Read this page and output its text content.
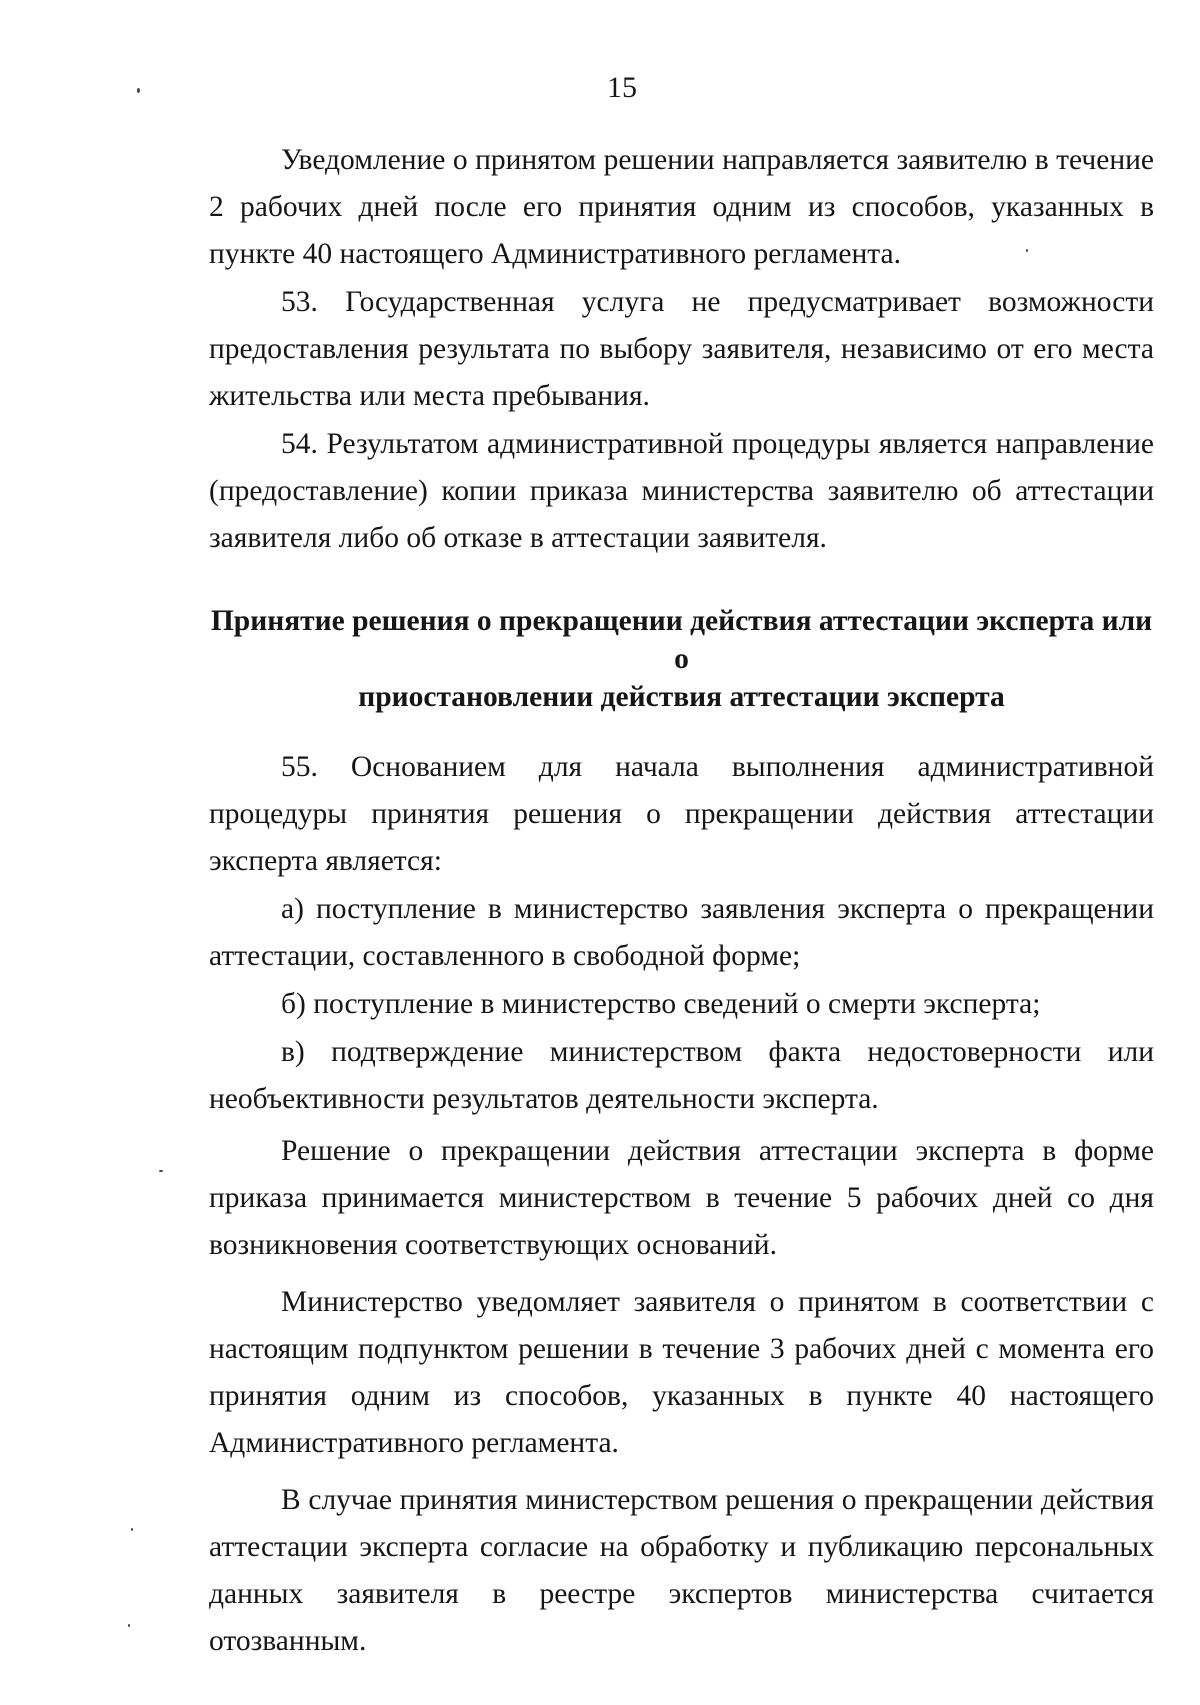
15

Уведомление о принятом решении направляется заявителю в течение 2 рабочих дней после его принятия одним из способов, указанных в пункте 40 настоящего Административного регламента.

53. Государственная услуга не предусматривает возможности предоставления результата по выбору заявителя, независимо от его места жительства или места пребывания.

54. Результатом административной процедуры является направление (предоставление) копии приказа министерства заявителю об аттестации заявителя либо об отказе в аттестации заявителя.

Принятие решения о прекращении действия аттестации эксперта или о
приостановлении действия аттестации эксперта

55. Основанием для начала выполнения административной процедуры принятия решения о прекращении действия аттестации эксперта является:

а) поступление в министерство заявления эксперта о прекращении аттестации, составленного в свободной форме;

б) поступление в министерство сведений о смерти эксперта;

в) подтверждение министерством факта недостоверности или необъективности результатов деятельности эксперта.

Решение о прекращении действия аттестации эксперта в форме приказа принимается министерством в течение 5 рабочих дней со дня возникновения соответствующих оснований.

Министерство уведомляет заявителя о принятом в соответствии с настоящим подпунктом решении в течение 3 рабочих дней с момента его принятия одним из способов, указанных в пункте 40 настоящего Административного регламента.

В случае принятия министерством решения о прекращении действия аттестации эксперта согласие на обработку и публикацию персональных данных заявителя в реестре экспертов министерства считается отозванным.
